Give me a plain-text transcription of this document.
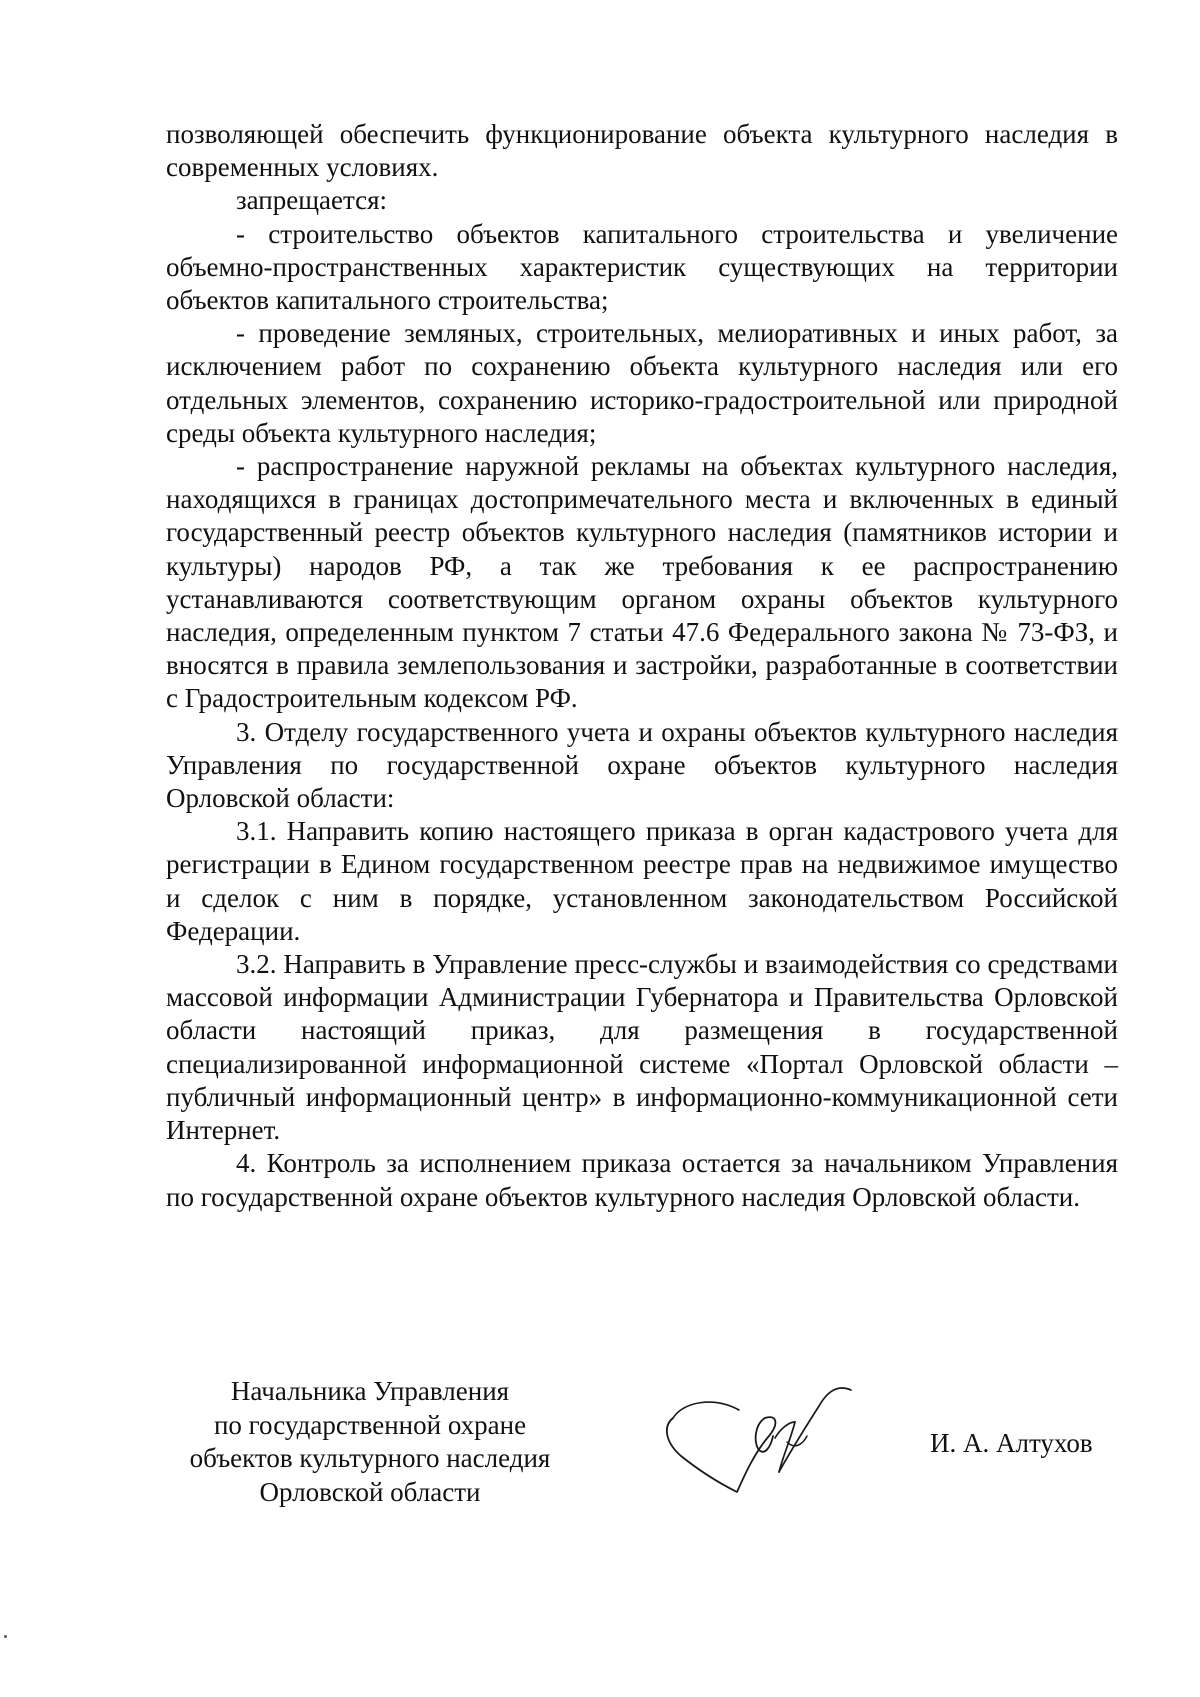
позволяющей обеспечить функционирование объекта культурного наследия в современных условиях.

запрещается:

- строительство объектов капитального строительства и увеличение объемно-пространственных характеристик существующих на территории объектов капитального строительства;

- проведение земляных, строительных, мелиоративных и иных работ, за исключением работ по сохранению объекта культурного наследия или его отдельных элементов, сохранению историко-градостроительной или природной среды объекта культурного наследия;

- распространение наружной рекламы на объектах культурного наследия, находящихся в границах достопримечательного места и включенных в единый государственный реестр объектов культурного наследия (памятников истории и культуры) народов РФ, а так же требования к ее распространению устанавливаются соответствующим органом охраны объектов культурного наследия, определенным пунктом 7 статьи 47.6 Федерального закона № 73-ФЗ, и вносятся в правила землепользования и застройки, разработанные в соответствии с Градостроительным кодексом РФ.

3. Отделу государственного учета и охраны объектов культурного наследия Управления по государственной охране объектов культурного наследия Орловской области:

3.1. Направить копию настоящего приказа в орган кадастрового учета для регистрации в Едином государственном реестре прав на недвижимое имущество и сделок с ним в порядке, установленном законодательством Российской Федерации.

3.2. Направить в Управление пресс-службы и взаимодействия со средствами массовой информации Администрации Губернатора и Правительства Орловской области настоящий приказ, для размещения в государственной специализированной информационной системе «Портал Орловской области – публичный информационный центр» в информационно-коммуникационной сети Интернет.

4. Контроль за исполнением приказа остается за начальником Управления по государственной охране объектов культурного наследия Орловской области.

Начальника Управления
по государственной охране
объектов культурного наследия
Орловской области
И. А. Алтухов
